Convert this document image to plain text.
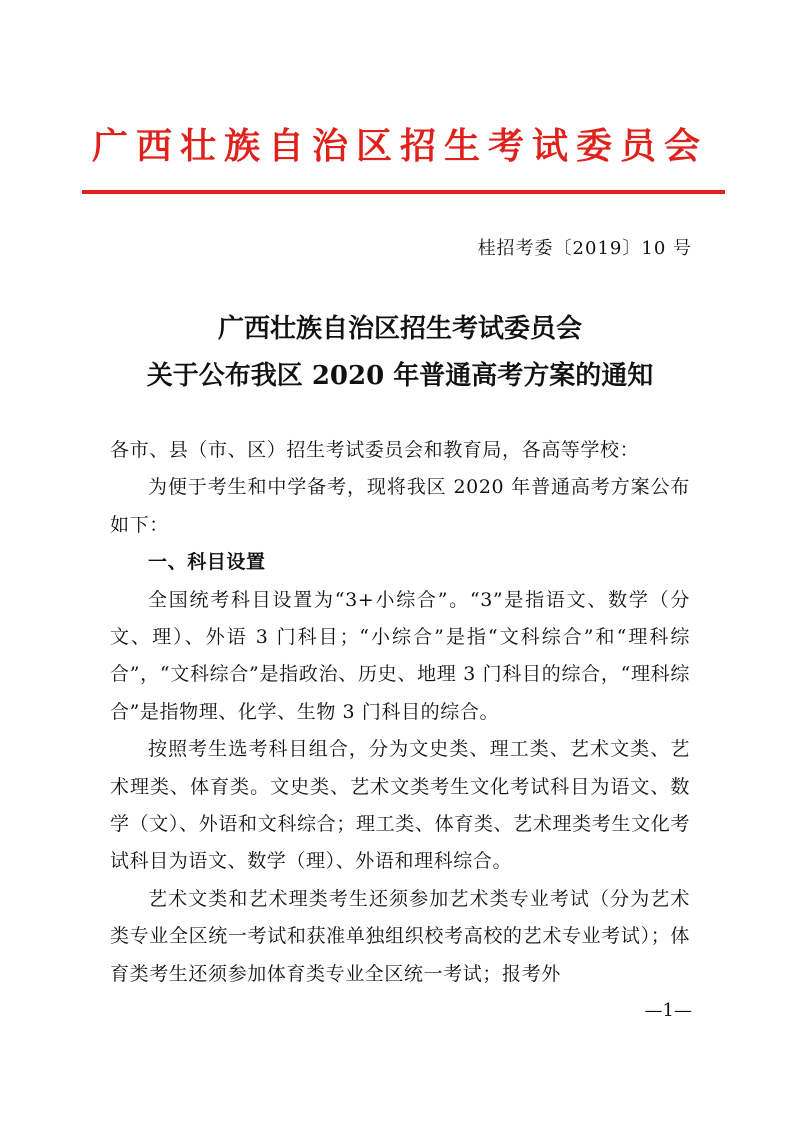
广西壮族自治区招生考试委员会
桂招考委〔2019〕10 号
广西壮族自治区招生考试委员会
关于公布我区 2020 年普通高考方案的通知

各市、县（市、区）招生考试委员会和教育局，各高等学校：

为便于考生和中学备考，现将我区 2020 年普通高考方案公布如下：

一、科目设置

全国统考科目设置为“3+小综合”。“3”是指语文、数学（分文、理）、外语 3 门科目；“小综合”是指“文科综合”和“理科综合”，“文科综合”是指政治、历史、地理 3 门科目的综合，“理科综合”是指物理、化学、生物 3 门科目的综合。

按照考生选考科目组合，分为文史类、理工类、艺术文类、艺术理类、体育类。文史类、艺术文类考生文化考试科目为语文、数学（文）、外语和文科综合；理工类、体育类、艺术理类考生文化考试科目为语文、数学（理）、外语和理科综合。

艺术文类和艺术理类考生还须参加艺术类专业考试（分为艺术类专业全区统一考试和获准单独组织校考高校的艺术专业考试）；体育类考生还须参加体育类专业全区统一考试；报考外

—1—
